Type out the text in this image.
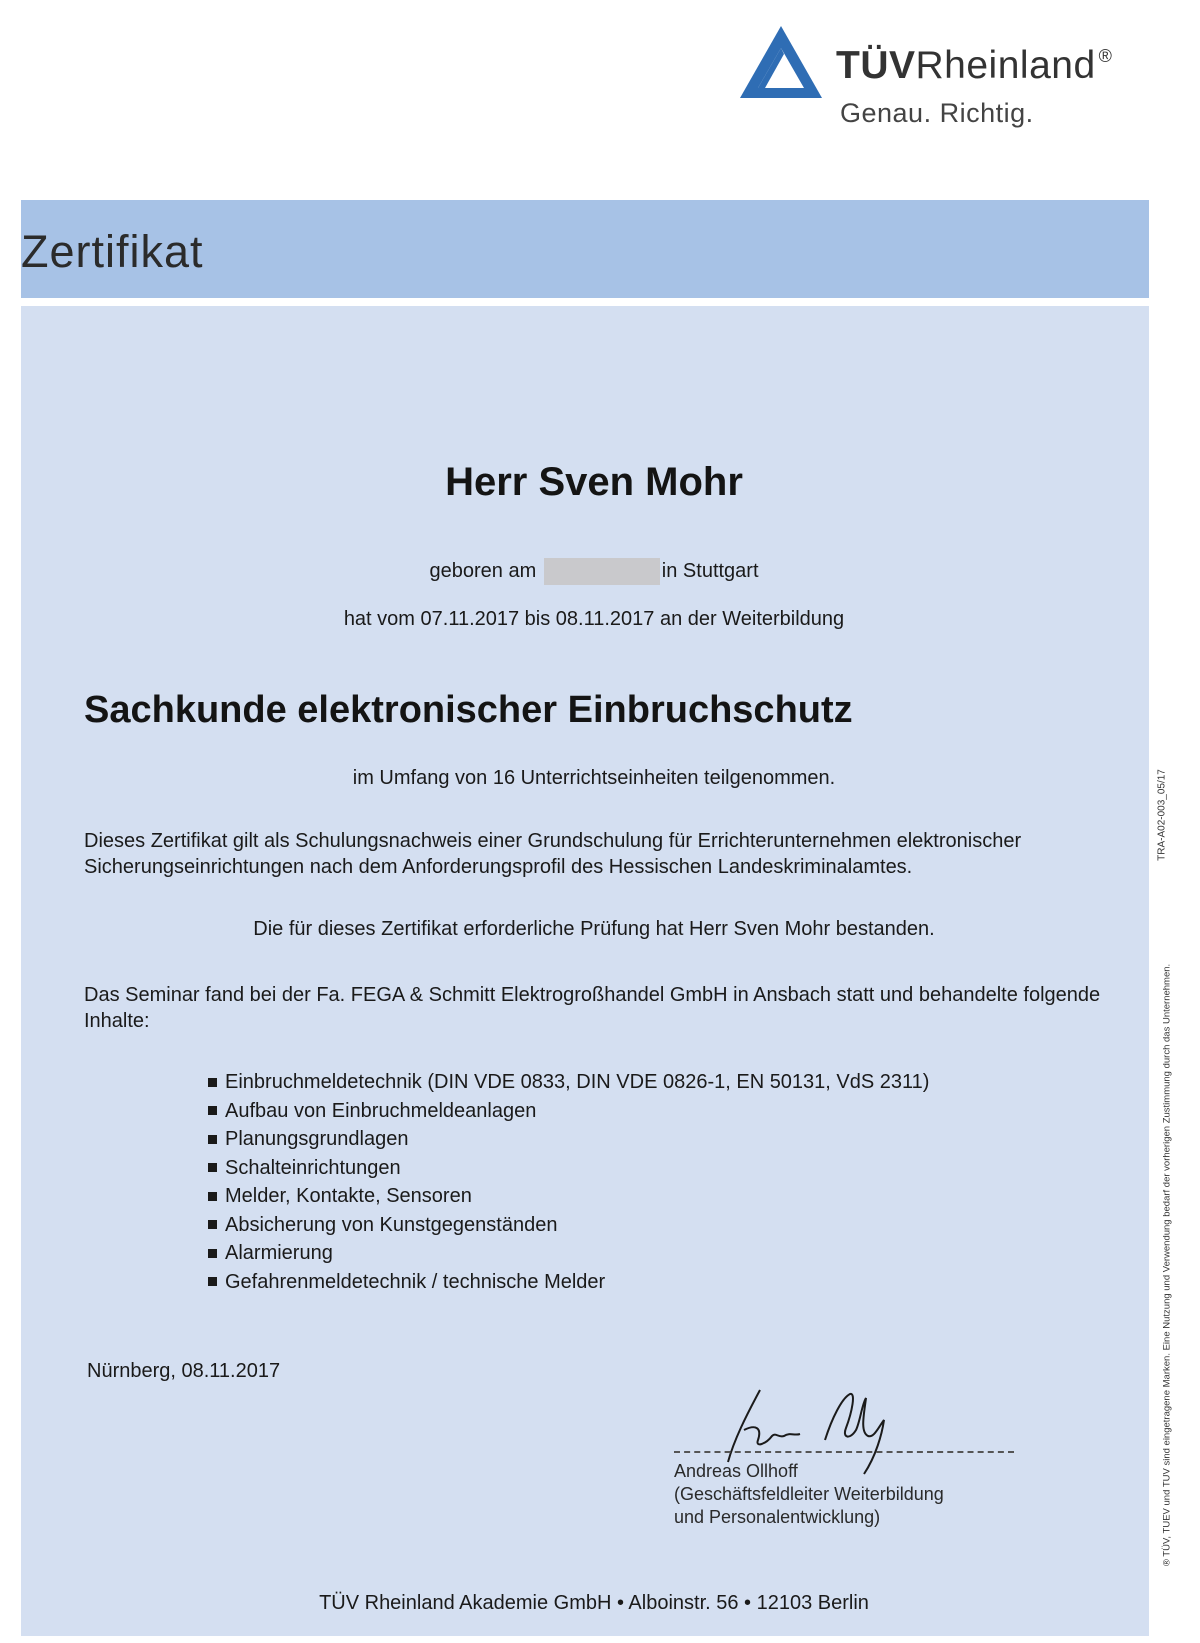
TÜVRheinland ®
Genau. Richtig.
Zertifikat
Herr Sven Mohr
geboren am	in Stuttgart
hat vom 07.11.2017 bis 08.11.2017 an der Weiterbildung
Sachkunde elektronischer Einbruchschutz
im Umfang von 16 Unterrichtseinheiten teilgenommen.
Dieses Zertifikat gilt als Schulungsnachweis einer Grundschulung für Errichterunternehmen elektronischer Sicherungseinrichtungen nach dem Anforderungsprofil des Hessischen Landeskriminalamtes.
Die für dieses Zertifikat erforderliche Prüfung hat Herr Sven Mohr bestanden.
Das Seminar fand bei der Fa. FEGA & Schmitt Elektrogroßhandel GmbH in Ansbach statt und behandelte folgende Inhalte:
Einbruchmeldetechnik (DIN VDE 0833, DIN VDE 0826-1, EN 50131, VdS 2311)
Aufbau von Einbruchmeldeanlagen
Planungsgrundlagen
Schalteinrichtungen
Melder, Kontakte, Sensoren
Absicherung von Kunstgegenständen
Alarmierung
Gefahrenmeldetechnik / technische Melder
Nürnberg, 08.11.2017
Andreas Ollhoff
(Geschäftsfeldleiter Weiterbildung
und Personalentwicklung)
TÜV Rheinland Akademie GmbH • Alboinstr. 56 • 12103 Berlin
TRA-A02-003_05/17
® TÜV, TUEV und TUV sind eingetragene Marken. Eine Nutzung und Verwendung bedarf der vorherigen Zustimmung durch das Unternehmen.
